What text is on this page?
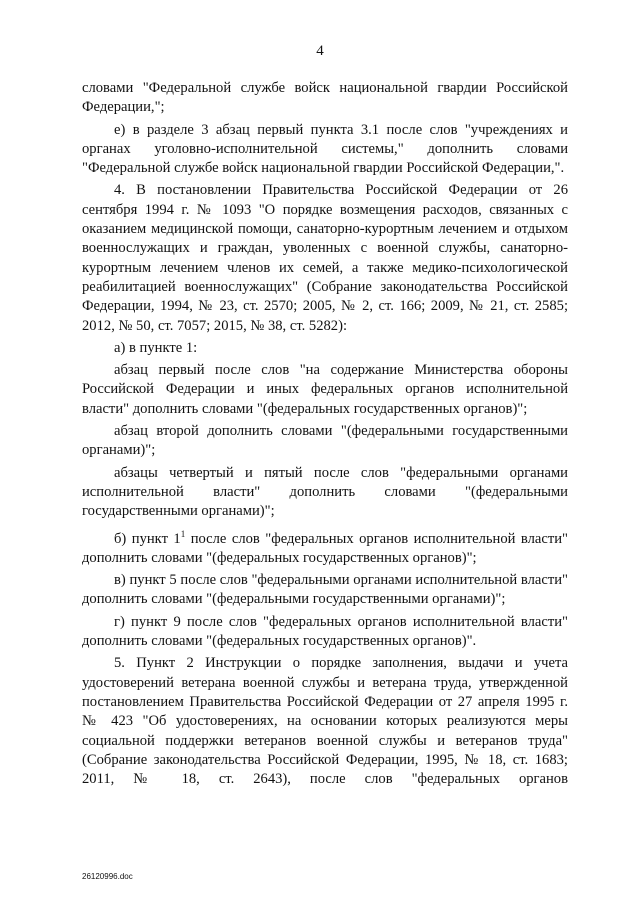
4

словами "Федеральной службе войск национальной гвардии Российской Федерации,";

е) в разделе 3 абзац первый пункта 3.1 после слов "учреждениях и органах уголовно-исполнительной системы," дополнить словами "Федеральной службе войск национальной гвардии Российской Федерации,".

4. В постановлении Правительства Российской Федерации от 26 сентября 1994 г. № 1093 "О порядке возмещения расходов, связанных с оказанием медицинской помощи, санаторно-курортным лечением и отдыхом военнослужащих и граждан, уволенных с военной службы, санаторно-курортным лечением членов их семей, а также медико-психологической реабилитацией военнослужащих" (Собрание законодательства Российской Федерации, 1994, № 23, ст. 2570; 2005, № 2, ст. 166; 2009, № 21, ст. 2585; 2012, № 50, ст. 7057; 2015, № 38, ст. 5282):

а) в пункте 1:

абзац первый после слов "на содержание Министерства обороны Российской Федерации и иных федеральных органов исполнительной власти" дополнить словами "(федеральных государственных органов)";

абзац второй дополнить словами "(федеральными государственными органами)";

абзацы четвертый и пятый после слов "федеральными органами исполнительной власти" дополнить словами "(федеральными государственными органами)";

б) пункт $1^1$ после слов "федеральных органов исполнительной власти" дополнить словами "(федеральных государственных органов)";

в) пункт 5 после слов "федеральными органами исполнительной власти" дополнить словами "(федеральными государственными органами)";

г) пункт 9 после слов "федеральных органов исполнительной власти" дополнить словами "(федеральных государственных органов)".

5. Пункт 2 Инструкции о порядке заполнения, выдачи и учета удостоверений ветерана военной службы и ветерана труда, утвержденной постановлением Правительства Российской Федерации от 27 апреля 1995 г. № 423 "Об удостоверениях, на основании которых реализуются меры социальной поддержки ветеранов военной службы и ветеранов труда" (Собрание законодательства Российской Федерации, 1995, № 18, ст. 1683; 2011, № 18, ст. 2643), после слов "федеральных органов

26120996.doc
